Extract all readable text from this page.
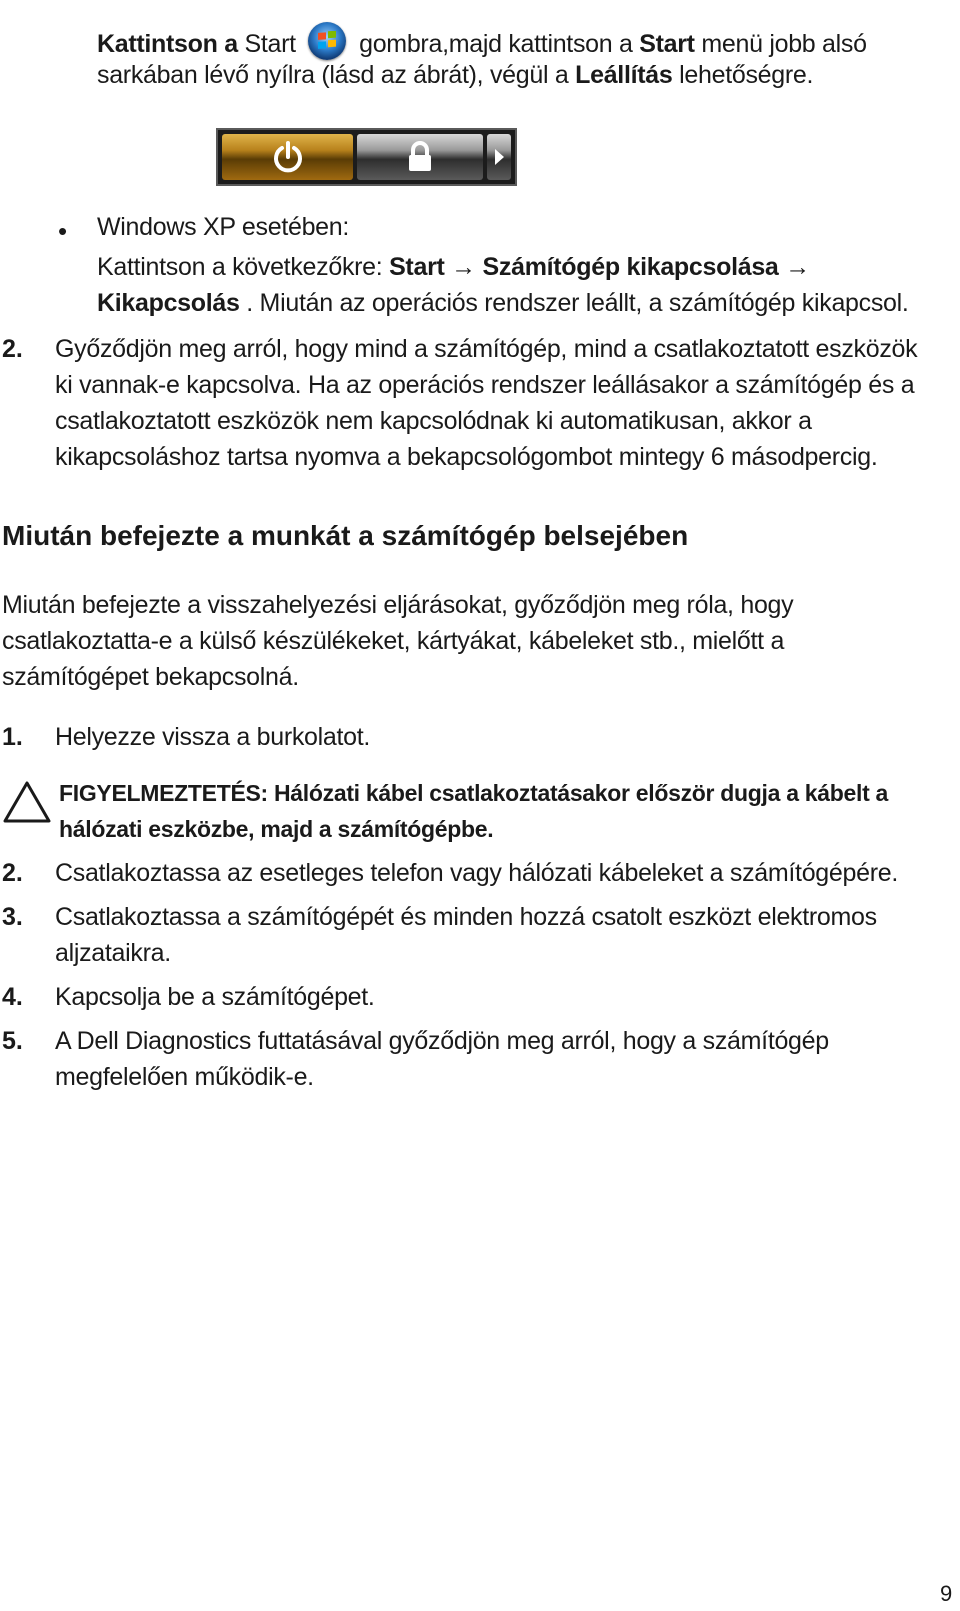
Kattintson a Start
gombra,majd kattintson a Start menü jobb alsó
sarkában lévő nyílra (lásd az ábrát), végül a Leállítás lehetőségre.
• Windows XP esetében:
Kattintson a következőkre: Start → Számítógép kikapcsolása →
Kikapcsolás . Miután az operációs rendszer leállt, a számítógép kikapcsol.
2. Győződjön meg arról, hogy mind a számítógép, mind a csatlakoztatott eszközök
ki vannak-e kapcsolva. Ha az operációs rendszer leállásakor a számítógép és a
csatlakoztatott eszközök nem kapcsolódnak ki automatikusan, akkor a
kikapcsoláshoz tartsa nyomva a bekapcsológombot mintegy 6 másodpercig.
Miután befejezte a munkát a számítógép belsejében
Miután befejezte a visszahelyezési eljárásokat, győződjön meg róla, hogy
csatlakoztatta-e a külső készülékeket, kártyákat, kábeleket stb., mielőtt a
számítógépet bekapcsolná.
1. Helyezze vissza a burkolatot.
FIGYELMEZTETÉS: Hálózati kábel csatlakoztatásakor először dugja a kábelt a
hálózati eszközbe, majd a számítógépbe.
2. Csatlakoztassa az esetleges telefon vagy hálózati kábeleket a számítógépére.
3. Csatlakoztassa a számítógépét és minden hozzá csatolt eszközt elektromos
aljzataikra.
4. Kapcsolja be a számítógépet.
5. A Dell Diagnostics futtatásával győződjön meg arról, hogy a számítógép
megfelelően működik-e.
9
